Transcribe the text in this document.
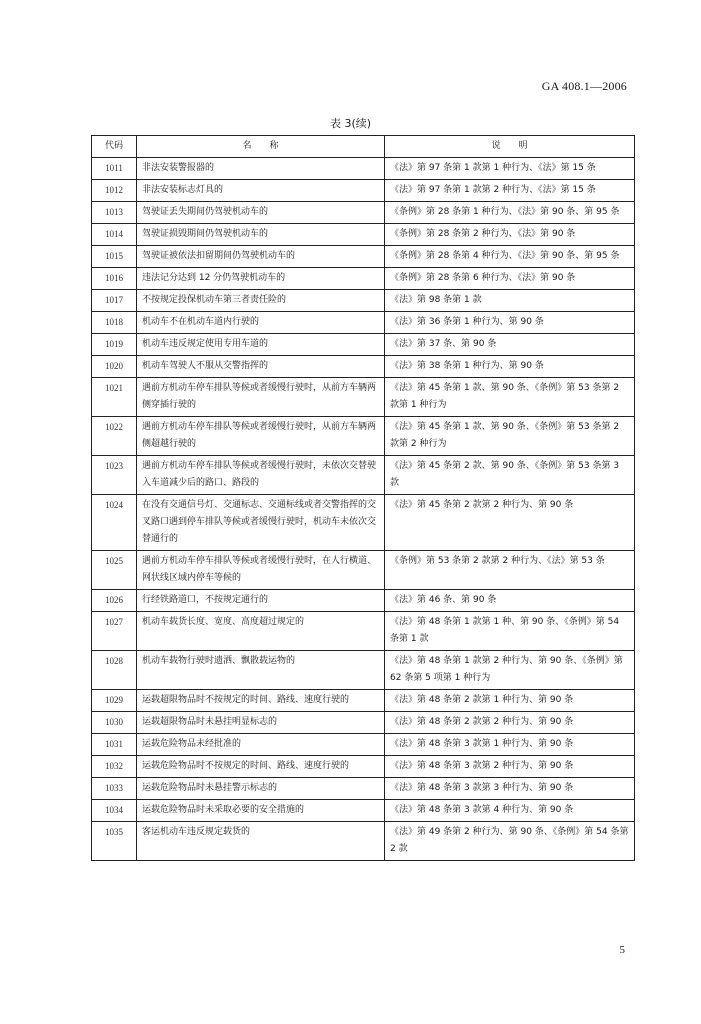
GA 408.1—2006
表 3(续)
代码	名　　称	说　　明
1011	非法安装警报器的	《法》第 97 条第 1 款第 1 种行为、《法》第 15 条
1012	非法安装标志灯具的	《法》第 97 条第 1 款第 2 种行为、《法》第 15 条
1013	驾驶证丢失期间仍驾驶机动车的	《条例》第 28 条第 1 种行为、《法》第 90 条、第 95 条
1014	驾驶证损毁期间仍驾驶机动车的	《条例》第 28 条第 2 种行为、《法》第 90 条
1015	驾驶证被依法扣留期间仍驾驶机动车的	《条例》第 28 条第 4 种行为、《法》第 90 条、第 95 条
1016	违法记分达到 12 分仍驾驶机动车的	《条例》第 28 条第 6 种行为、《法》第 90 条
1017	不按规定投保机动车第三者责任险的	《法》第 98 条第 1 款
1018	机动车不在机动车道内行驶的	《法》第 36 条第 1 种行为、第 90 条
1019	机动车违反规定使用专用车道的	《法》第 37 条、第 90 条
1020	机动车驾驶人不服从交警指挥的	《法》第 38 条第 1 种行为、第 90 条
1021	遇前方机动车停车排队等候或者缓慢行驶时，从前方车辆两侧穿插行驶的	《法》第 45 条第 1 款、第 90 条、《条例》第 53 条第 2 款第 1 种行为
1022	遇前方机动车停车排队等候或者缓慢行驶时，从前方车辆两侧超越行驶的	《法》第 45 条第 1 款、第 90 条、《条例》第 53 条第 2 款第 2 种行为
1023	遇前方机动车停车排队等候或者缓慢行驶时，未依次交替驶入车道减少后的路口、路段的	《法》第 45 条第 2 款、第 90 条、《条例》第 53 条第 3 款
1024	在没有交通信号灯、交通标志、交通标线或者交警指挥的交叉路口遇到停车排队等候或者缓慢行驶时，机动车未依次交替通行的	《法》第 45 条第 2 款第 2 种行为、第 90 条
1025	遇前方机动车停车排队等候或者缓慢行驶时，在人行横道、网状线区域内停车等候的	《条例》第 53 条第 2 款第 2 种行为、《法》第 53 条
1026	行经铁路道口，不按规定通行的	《法》第 46 条、第 90 条
1027	机动车载货长度、宽度、高度超过规定的	《法》第 48 条第 1 款第 1 种、第 90 条、《条例》第 54 条第 1 款
1028	机动车载物行驶时遗洒、飘散载运物的	《法》第 48 条第 1 款第 2 种行为、第 90 条、《条例》第 62 条第 5 项第 1 种行为
1029	运载超限物品时不按规定的时间、路线、速度行驶的	《法》第 48 条第 2 款第 1 种行为、第 90 条
1030	运载超限物品时未悬挂明显标志的	《法》第 48 条第 2 款第 2 种行为、第 90 条
1031	运载危险物品未经批准的	《法》第 48 条第 3 款第 1 种行为、第 90 条
1032	运载危险物品时不按规定的时间、路线、速度行驶的	《法》第 48 条第 3 款第 2 种行为、第 90 条
1033	运载危险物品时未悬挂警示标志的	《法》第 48 条第 3 款第 3 种行为、第 90 条
1034	运载危险物品时未采取必要的安全措施的	《法》第 48 条第 3 款第 4 种行为、第 90 条
1035	客运机动车违反规定载货的	《法》第 49 条第 2 种行为、第 90 条、《条例》第 54 条第 2 款
5
